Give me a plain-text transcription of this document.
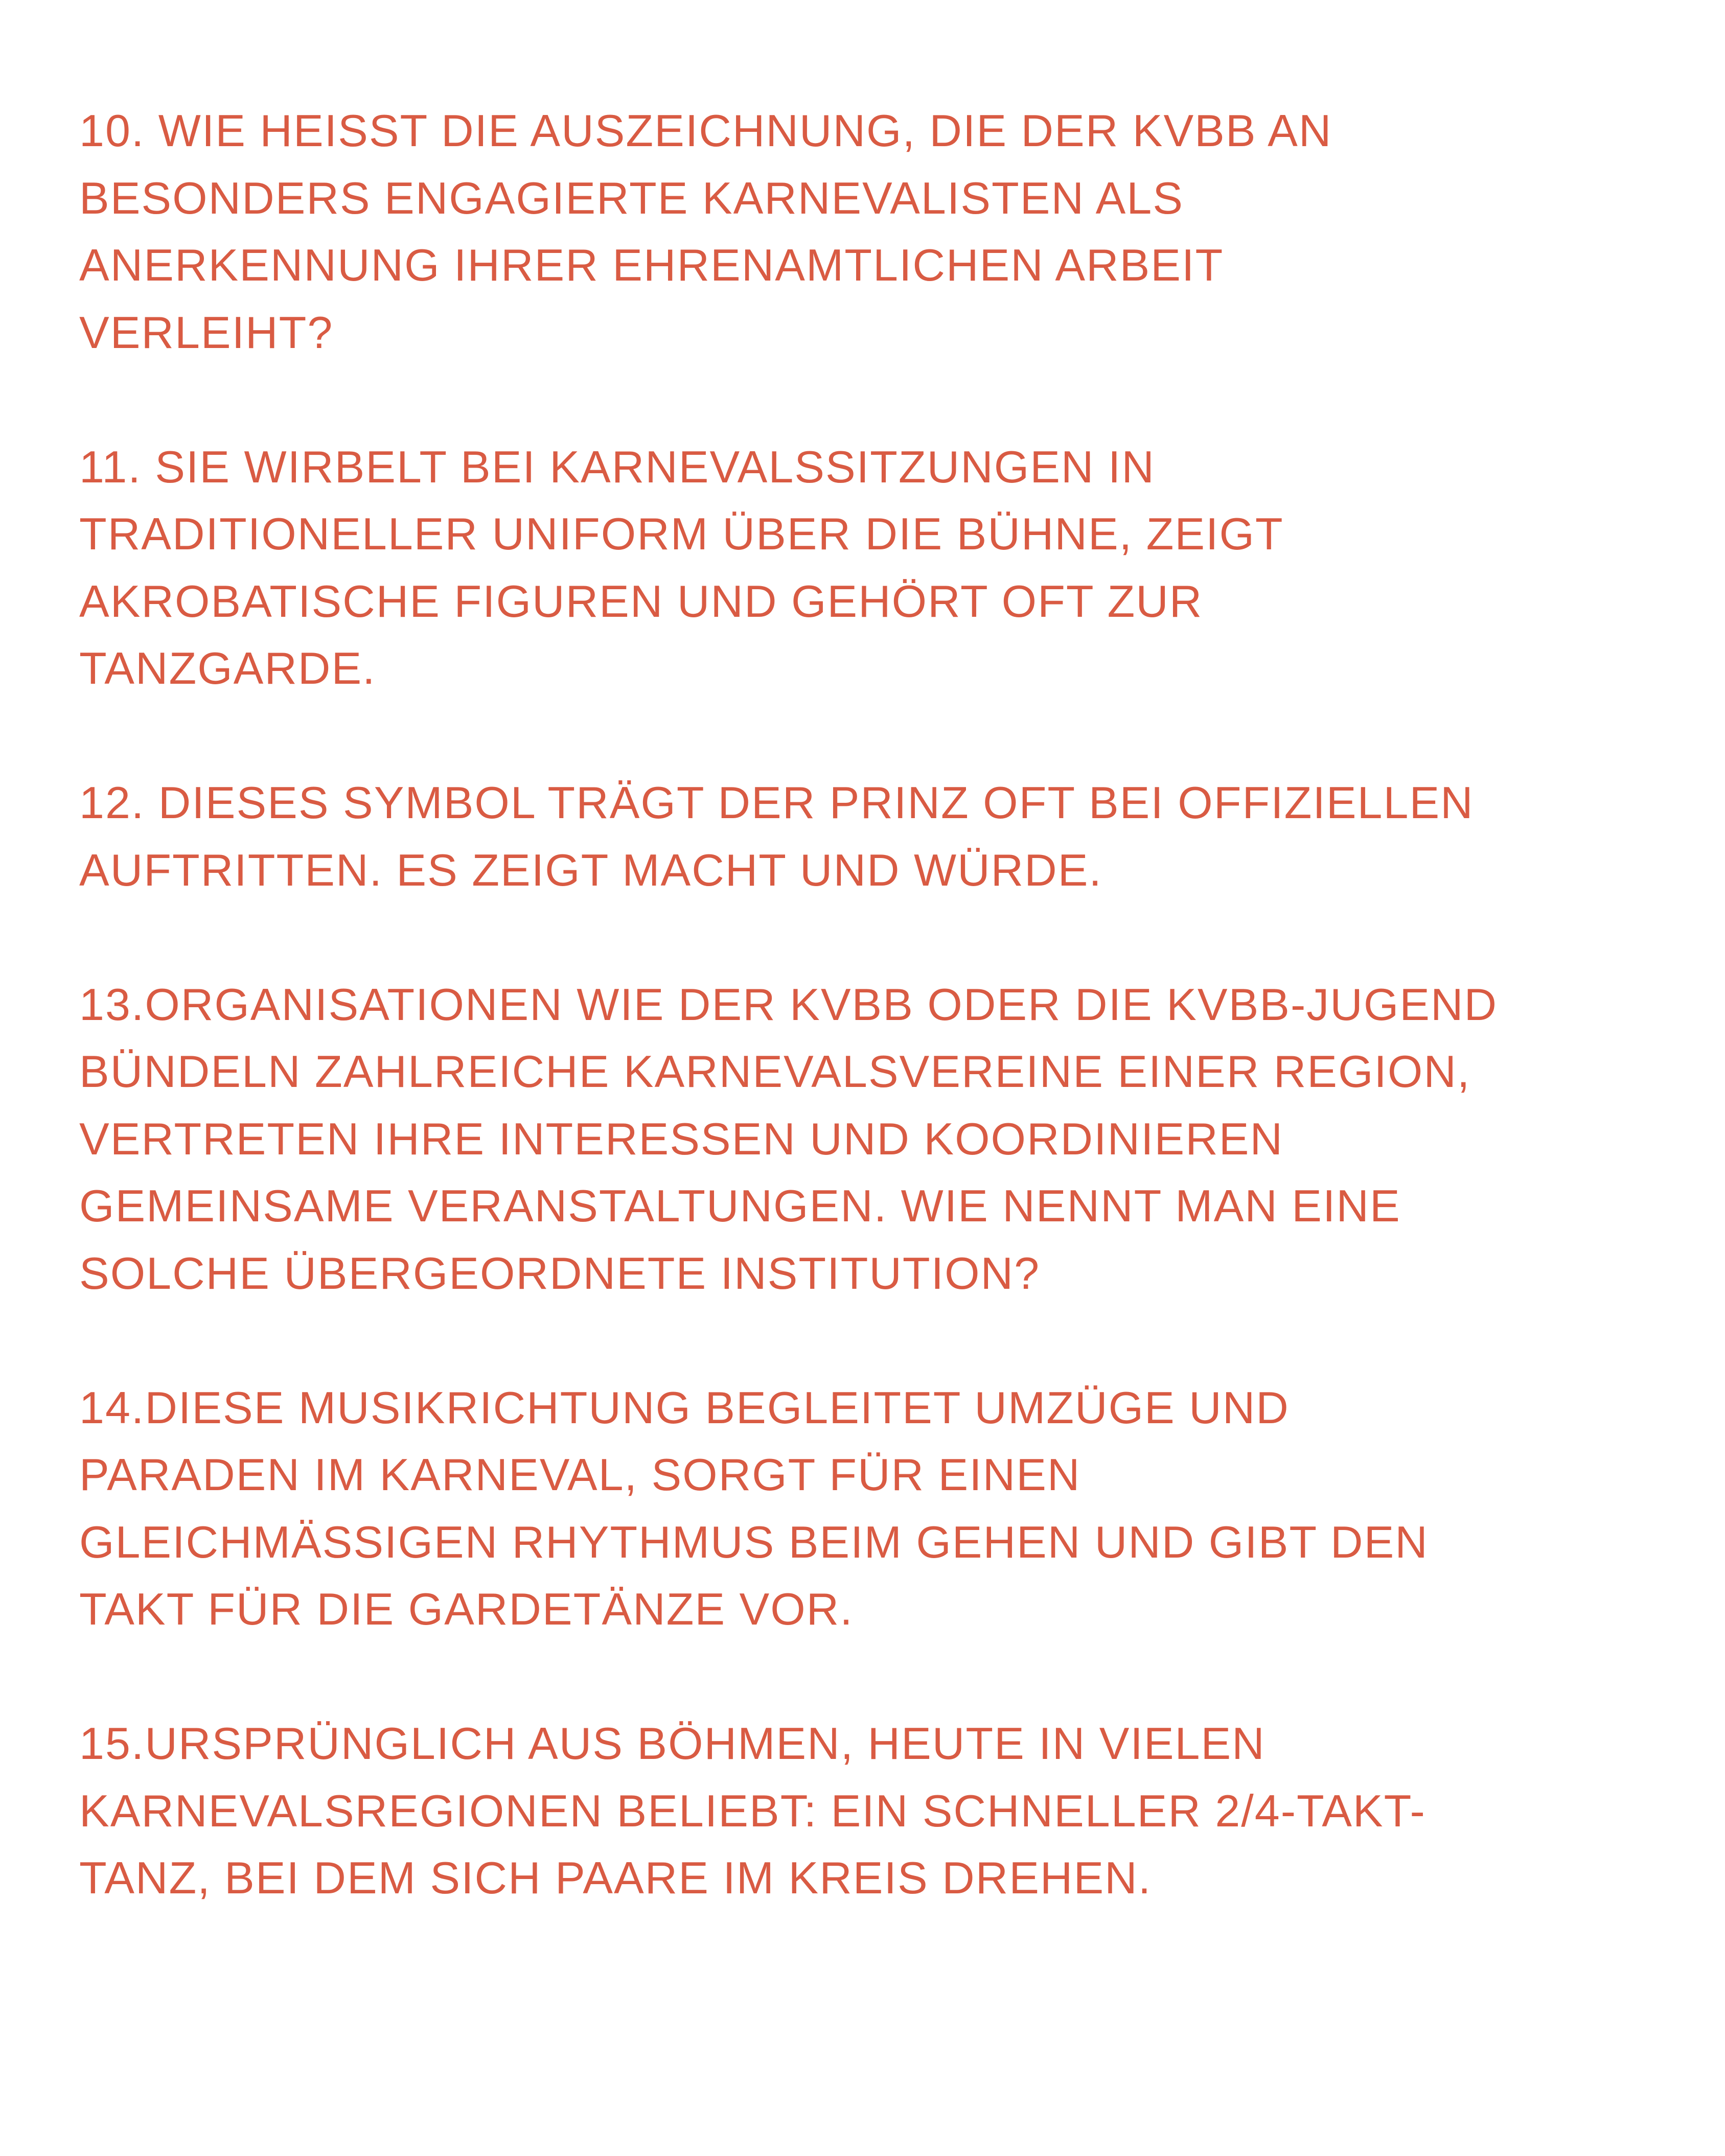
10. WIE HEISST DIE AUSZEICHNUNG, DIE DER KVBB AN
BESONDERS ENGAGIERTE KARNEVALISTEN ALS
ANERKENNUNG IHRER EHRENAMTLICHEN ARBEIT
VERLEIHT?
11. SIE WIRBELT BEI KARNEVALSSITZUNGEN IN
TRADITIONELLER UNIFORM ÜBER DIE BÜHNE, ZEIGT
AKROBATISCHE FIGUREN UND GEHÖRT OFT ZUR
TANZGARDE.
12. DIESES SYMBOL TRÄGT DER PRINZ OFT BEI OFFIZIELLEN
AUFTRITTEN. ES ZEIGT MACHT UND WÜRDE.
13.ORGANISATIONEN WIE DER KVBB ODER DIE KVBB-JUGEND
BÜNDELN ZAHLREICHE KARNEVALSVEREINE EINER REGION,
VERTRETEN IHRE INTERESSEN UND KOORDINIEREN
GEMEINSAME VERANSTALTUNGEN. WIE NENNT MAN EINE
SOLCHE ÜBERGEORDNETE INSTITUTION?
14.DIESE MUSIKRICHTUNG BEGLEITET UMZÜGE UND
PARADEN IM KARNEVAL, SORGT FÜR EINEN
GLEICHMÄSSIGEN RHYTHMUS BEIM GEHEN UND GIBT DEN
TAKT FÜR DIE GARDETÄNZE VOR.
15.URSPRÜNGLICH AUS BÖHMEN, HEUTE IN VIELEN
KARNEVALSREGIONEN BELIEBT: EIN SCHNELLER 2/4-TAKT-
TANZ, BEI DEM SICH PAARE IM KREIS DREHEN.
